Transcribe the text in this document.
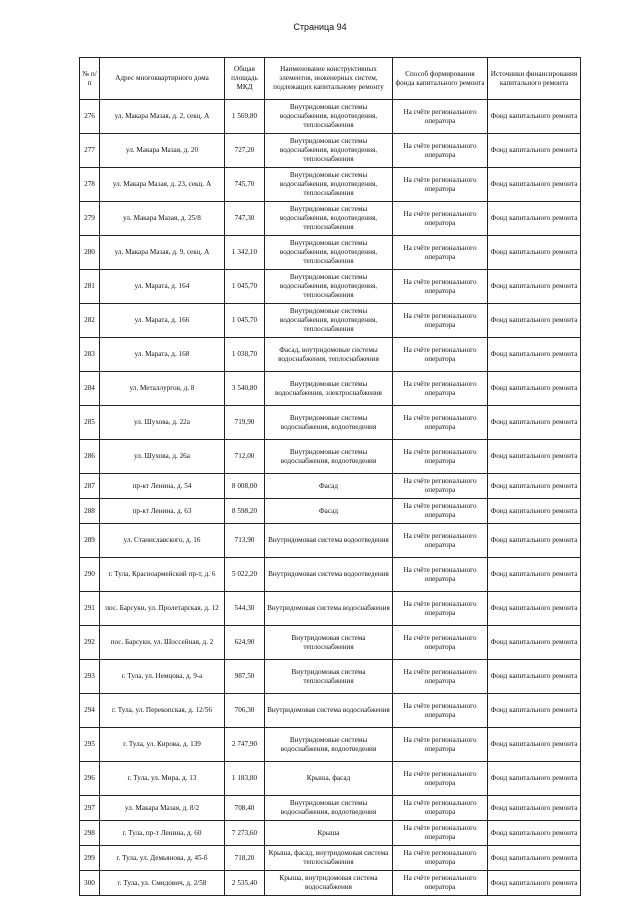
Страница 94
№ п/п	Адрес многоквартирного дома	Общая площадь МКД	Наименование конструктивных элементов, инженерных систем, подлежащих капитальному ремонту	Способ формирования фонда капитального ремонта	Источники финансирования капитального ремонта
276	ул. Макара Мазая, д. 2, секц. А	1 569,80	Внутридомовые системы водоснабжения, водоотведения, теплоснабжения	На счёте регионального оператора	Фонд капитального ремонта
277	ул. Макара Мазая, д. 20	727,20	Внутридомовые системы водоснабжения, водоотведения, теплоснабжения	На счёте регионального оператора	Фонд капитального ремонта
278	ул. Макара Мазая, д. 23, секц. А	745,70	Внутридомовые системы водоснабжения, водоотведения, теплоснабжения	На счёте регионального оператора	Фонд капитального ремонта
279	ул. Макара Мазая, д. 25/8	747,30	Внутридомовые системы водоснабжения, водоотведения, теплоснабжения	На счёте регионального оператора	Фонд капитального ремонта
280	ул. Макара Мазая, д. 9, секц. А	1 342,10	Внутридомовые системы водоснабжения, водоотведения, теплоснабжения	На счёте регионального оператора	Фонд капитального ремонта
281	ул. Марата, д. 164	1 045,70	Внутридомовые системы водоснабжения, водоотведения, теплоснабжения	На счёте регионального оператора	Фонд капитального ремонта
282	ул. Марата, д. 166	1 045,70	Внутридомовые системы водоснабжения, водоотведения, теплоснабжения	На счёте регионального оператора	Фонд капитального ремонта
283	ул. Марата, д. 168	1 038,70	Фасад, внутридомовые системы водоснабжения, теплоснабжения	На счёте регионального оператора	Фонд капитального ремонта
284	ул. Металлургов, д. 8	3 540,80	Внутридомовые системы водоснабжения, электроснабжения	На счёте регионального оператора	Фонд капитального ремонта
285	ул. Шухова, д. 22а	719,90	Внутридомовые системы водоснабжения, водоотведения	На счёте регионального оператора	Фонд капитального ремонта
286	ул. Шухова, д. 26а	712,00	Внутридомовые системы водоснабжения, водоотведения	На счёте регионального оператора	Фонд капитального ремонта
287	пр-кт Ленина, д. 54	8 008,00	Фасад	На счёте регионального оператора	Фонд капитального ремонта
288	пр-кт Ленина, д. 63	8 598,20	Фасад	На счёте регионального оператора	Фонд капитального ремонта
289	ул. Станиславского, д. 16	713,90	Внутридомовая система водоотведения	На счёте регионального оператора	Фонд капитального ремонта
290	г. Тула, Красноармейский пр-т, д. 6	5 022,20	Внутридомовая система водоотведения	На счёте регионального оператора	Фонд капитального ремонта
291	пос. Барсуки, ул. Пролетарская, д. 12	544,30	Внутридомовая система водоснабжения	На счёте регионального оператора	Фонд капитального ремонта
292	пос. Барсуки, ул. Шоссейная, д. 2	624,90	Внутридомовая система теплоснабжения	На счёте регионального оператора	Фонд капитального ремонта
293	г. Тула, ул. Немцова, д. 9-а	987,50	Внутридомовая система теплоснабжения	На счёте регионального оператора	Фонд капитального ремонта
294	г. Тула, ул. Перекопская, д. 12/56	706,30	Внутридомовая система водоснабжения	На счёте регионального оператора	Фонд капитального ремонта
295	г. Тула, ул. Кирова, д. 139	2 747,90	Внутридомовые системы водоснабжения, водоотведения	На счёте регионального оператора	Фонд капитального ремонта
296	г. Тула, ул. Мира, д. 13	1 183,80	Крыша, фасад	На счёте регионального оператора	Фонд капитального ремонта
297	ул. Макара Мазая, д. 8/2	708,40	Внутридомовые системы водоснабжения, водоотведения	На счёте регионального оператора	Фонд капитального ремонта
298	г. Тула, пр-т Ленина, д. 60	7 273,60	Крыша	На счёте регионального оператора	Фонд капитального ремонта
299	г. Тула, ул. Демьянова, д. 45-б	718,20	Крыша, фасад, внутридомовая система теплоснабжения	На счёте регионального оператора	Фонд капитального ремонта
300	г. Тула, ул. Смидович, д. 2/58	2 535,40	Крыша, внутридомовая система водоснабжения	На счёте регионального оператора	Фонд капитального ремонта
